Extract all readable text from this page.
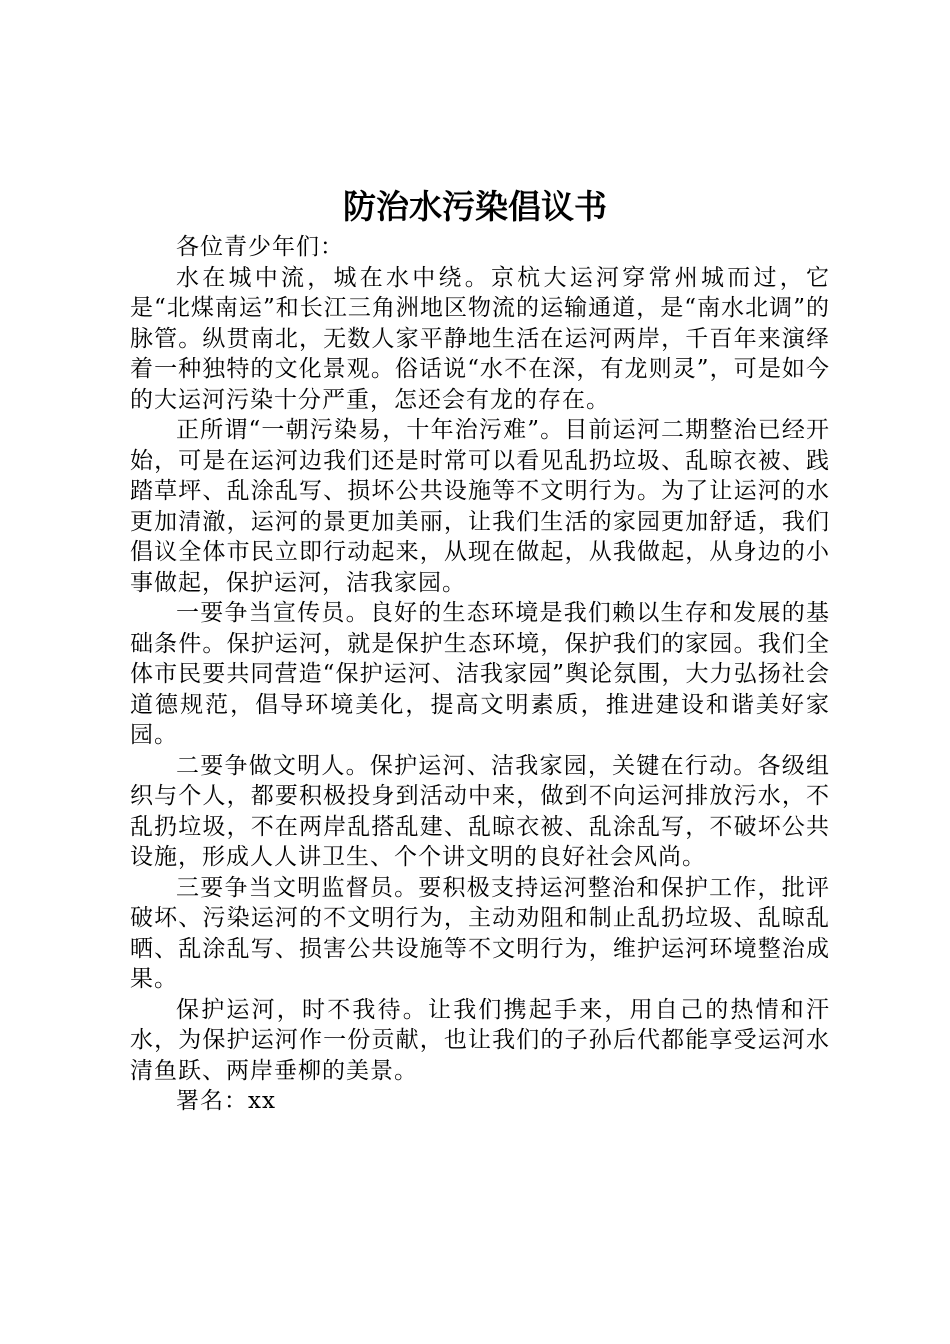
防治水污染倡议书

各位青少年们：

水在城中流，城在水中绕。京杭大运河穿常州城而过，它是“北煤南运”和长江三角洲地区物流的运输通道，是“南水北调”的脉管。纵贯南北，无数人家平静地生活在运河两岸，千百年来演绎着一种独特的文化景观。俗话说“水不在深，有龙则灵”，可是如今的大运河污染十分严重，怎还会有龙的存在。

正所谓“一朝污染易，十年治污难”。目前运河二期整治已经开始，可是在运河边我们还是时常可以看见乱扔垃圾、乱晾衣被、践踏草坪、乱涂乱写、损坏公共设施等不文明行为。为了让运河的水更加清澈，运河的景更加美丽，让我们生活的家园更加舒适，我们倡议全体市民立即行动起来，从现在做起，从我做起，从身边的小事做起，保护运河，洁我家园。

一要争当宣传员。良好的生态环境是我们赖以生存和发展的基础条件。保护运河，就是保护生态环境，保护我们的家园。我们全体市民要共同营造“保护运河、洁我家园”舆论氛围，大力弘扬社会道德规范，倡导环境美化，提高文明素质，推进建设和谐美好家园。

二要争做文明人。保护运河、洁我家园，关键在行动。各级组织与个人，都要积极投身到活动中来，做到不向运河排放污水，不乱扔垃圾，不在两岸乱搭乱建、乱晾衣被、乱涂乱写，不破坏公共设施，形成人人讲卫生、个个讲文明的良好社会风尚。

三要争当文明监督员。要积极支持运河整治和保护工作，批评破坏、污染运河的不文明行为，主动劝阻和制止乱扔垃圾、乱晾乱晒、乱涂乱写、损害公共设施等不文明行为，维护运河环境整治成果。

保护运河，时不我待。让我们携起手来，用自己的热情和汗水，为保护运河作一份贡献，也让我们的子孙后代都能享受运河水清鱼跃、两岸垂柳的美景。

署名：xx
